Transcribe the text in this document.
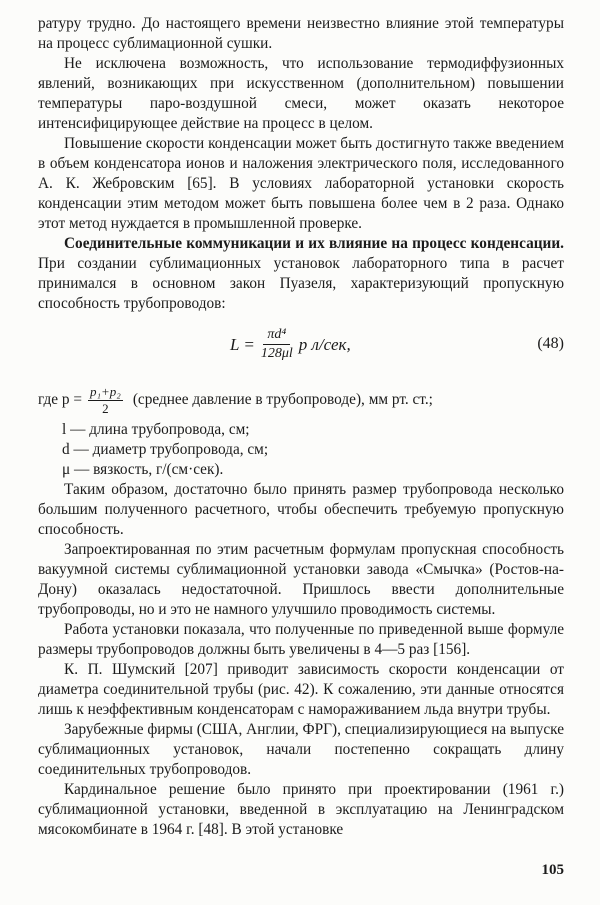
ратуру трудно. До настоящего времени неизвестно влияние этой температуры на процесс сублимационной сушки.

Не исключена возможность, что использование термодиффузионных явлений, возникающих при искусственном (дополнительном) повышении температуры паро-воздушной смеси, может оказать некоторое интенсифицирующее действие на процесс в целом.

Повышение скорости конденсации может быть достигнуто также введением в объем конденсатора ионов и наложения электрического поля, исследованного А. К. Жебровским [65]. В условиях лабораторной установки скорость конденсации этим методом может быть повышена более чем в 2 раза. Однако этот метод нуждается в промышленной проверке.

Соединительные коммуникации и их влияние на процесс конденсации. При создании сублимационных установок лабораторного типа в расчет принимался в основном закон Пуазеля, характеризующий пропускную способность трубопроводов:

$L = \frac{\text{πd⁴}}{128\mu l}$ p л/сек,	(48)
где $p = \frac{\text{p₁+p₂}}{2}$ (среднее давление в трубопроводе), мм рт. ст.;

l — длина трубопровода, см;

d — диаметр трубопровода, см;

μ — вязкость, г/(см·сек).

Таким образом, достаточно было принять размер трубопровода несколько большим полученного расчетного, чтобы обеспечить требуемую пропускную способность.

Запроектированная по этим расчетным формулам пропускная способность вакуумной системы сублимационной установки завода «Смычка» (Ростов-на-Дону) оказалась недостаточной. Пришлось ввести дополнительные трубопроводы, но и это не намного улучшило проводимость системы.

Работа установки показала, что полученные по приведенной выше формуле размеры трубопроводов должны быть увеличены в 4—5 раз [156].

К. П. Шумский [207] приводит зависимость скорости конденсации от диаметра соединительной трубы (рис. 42). К сожалению, эти данные относятся лишь к неэффективным конденсаторам с намораживанием льда внутри трубы.

Зарубежные фирмы (США, Англии, ФРГ), специализирующиеся на выпуске сублимационных установок, начали постепенно сокращать длину соединительных трубопроводов.

Кардинальное решение было принято при проектировании (1961 г.) сублимационной установки, введенной в эксплуатацию на Ленинградском мясокомбинате в 1964 г. [48]. В этой установке

105
